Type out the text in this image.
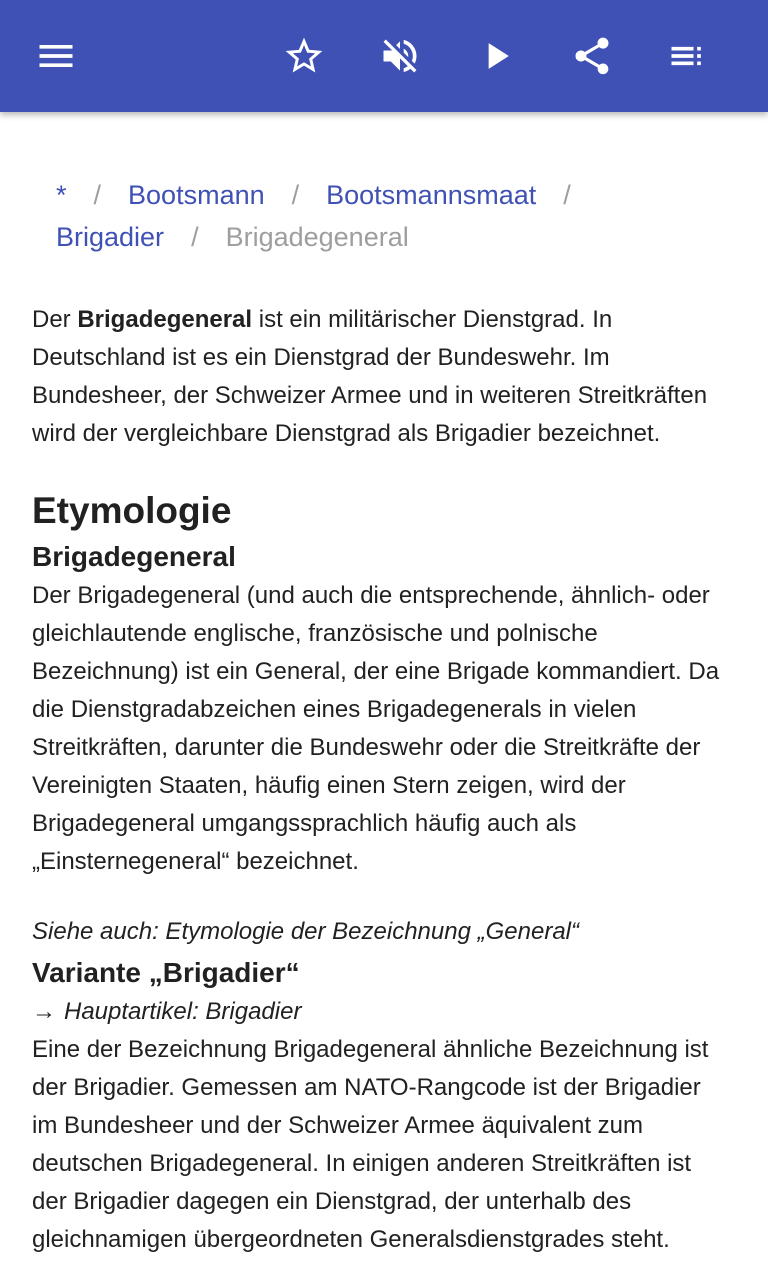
* / Bootsmann / Bootsmannsmaat /
Brigadier / Brigadegeneral

Der Brigadegeneral ist ein militärischer Dienstgrad. In Deutschland ist es ein Dienstgrad der Bundeswehr. Im Bundesheer, der Schweizer Armee und in weiteren Streitkräften wird der vergleichbare Dienstgrad als Brigadier bezeichnet.

Etymologie
Brigadegeneral

Der Brigadegeneral (und auch die entsprechende, ähnlich- oder gleichlautende englische, französische und polnische Bezeichnung) ist ein General, der eine Brigade kommandiert. Da die Dienstgradabzeichen eines Brigadegenerals in vielen Streitkräften, darunter die Bundeswehr oder die Streitkräfte der Vereinigten Staaten, häufig einen Stern zeigen, wird der Brigadegeneral umgangssprachlich häufig auch als „Einsternegeneral“ bezeichnet.

Siehe auch: Etymologie der Bezeichnung „General“

Variante „Brigadier“

→ Hauptartikel: Brigadier

Eine der Bezeichnung Brigadegeneral ähnliche Bezeichnung ist der Brigadier. Gemessen am NATO-Rangcode ist der Brigadier im Bundesheer und der Schweizer Armee äquivalent zum deutschen Brigadegeneral. In einigen anderen Streitkräften ist der Brigadier dagegen ein Dienstgrad, der unterhalb des gleichnamigen übergeordneten Generalsdienstgrades steht.
